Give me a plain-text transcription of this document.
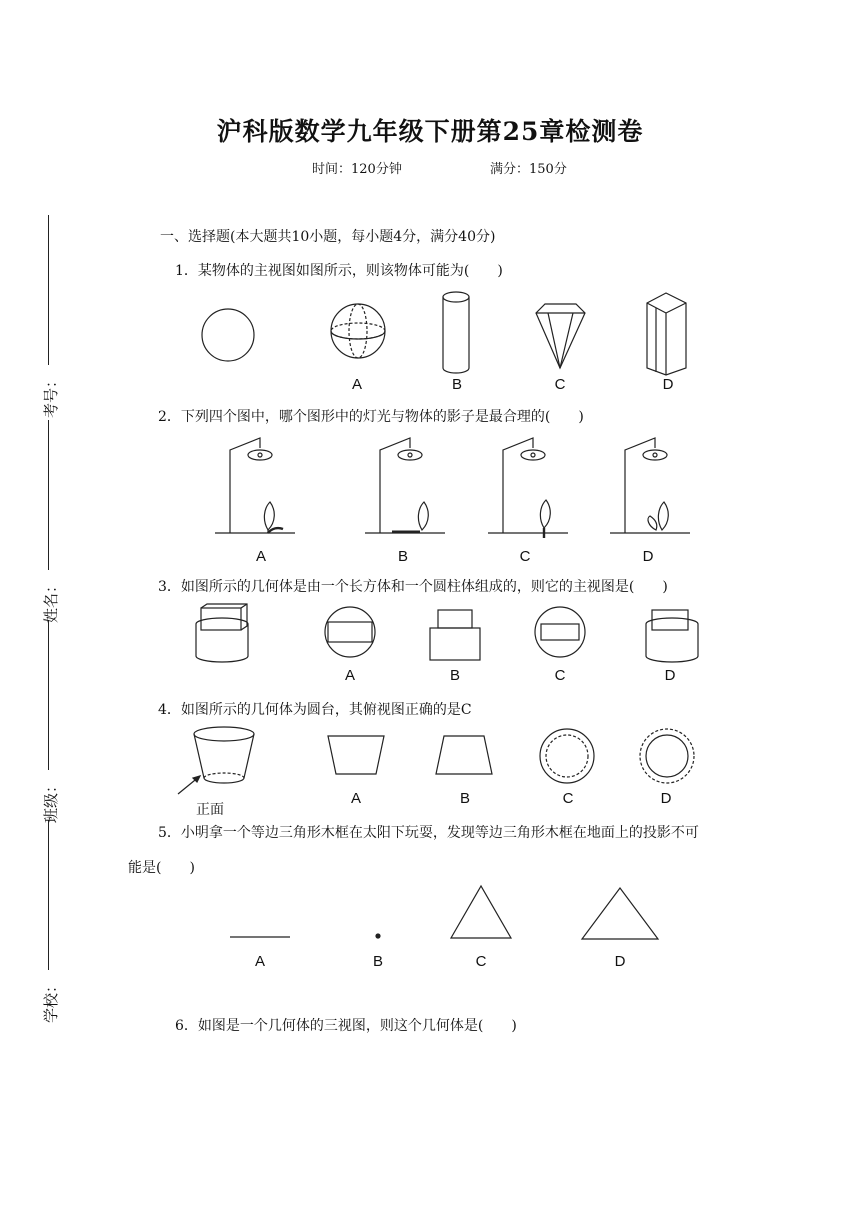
沪科版数学九年级下册第25章检测卷
时间：120分钟	满分：150分
考号：
姓名：
班级：
学校：
一、选择题(本大题共10小题，每小题4分，满分40分)
1．某物体的主视图如图所示，则该物体可能为(　　)
A	B	C	D
2．下列四个图中，哪个图形中的灯光与物体的影子是最合理的(　　)
A	B	C	D
3．如图所示的几何体是由一个长方体和一个圆柱体组成的，则它的主视图是(　　)
A	B	C	D
4．如图所示的几何体为圆台，其俯视图正确的是C
正面
A	B	C	D
5．小明拿一个等边三角形木框在太阳下玩耍，发现等边三角形木框在地面上的投影不可
能是(　　)
A	B	C	D
6．如图是一个几何体的三视图，则这个几何体是(　　)
